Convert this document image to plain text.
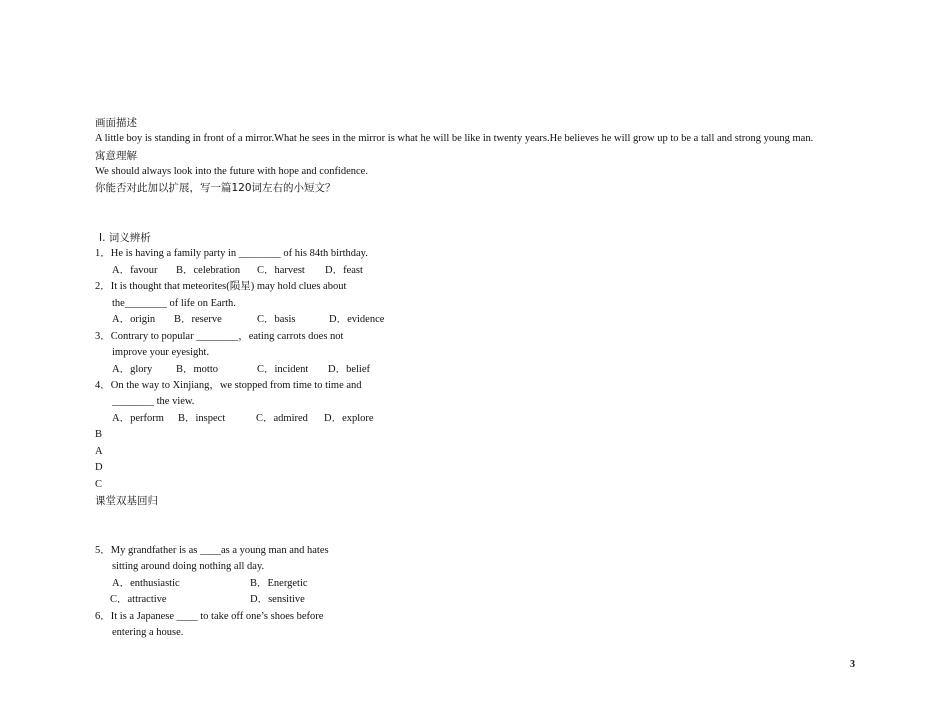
画面描述
A little boy is standing in front of a mirror.What he sees in the mirror is what he will be like in twenty years.He believes he will grow up to be a tall and strong young man.
寓意理解
We should always look into the future with hope and confidence.
你能否对此加以扩展，写一篇120词左右的小短文？
Ⅰ. 词义辨析
1．He is having a family party in ________ of his 84th birthday.
A．favour B．celebration C．harvest D．feast
2．It is thought that meteorites(陨星) may hold clues about
the________ of life on Earth.
A．origin B．reserve	C．basis	D．evidence
3．Contrary to popular ________，eating carrots does not
improve your eyesight.
A．glory B．motto	C．incident D．belief
4．On the way to Xinjiang，we stopped from time to time and
________ the view.
A．perform B．inspect	C．admired D．explore
B
A
D
C
课堂双基回归
5．My grandfather is as ____as a young man and hates
sitting around doing nothing all day.
A．enthusiastic	B．Energetic
C．attractive	D．sensitive
6．It is a Japanese ____ to take off one’s shoes before
entering a house.
3
